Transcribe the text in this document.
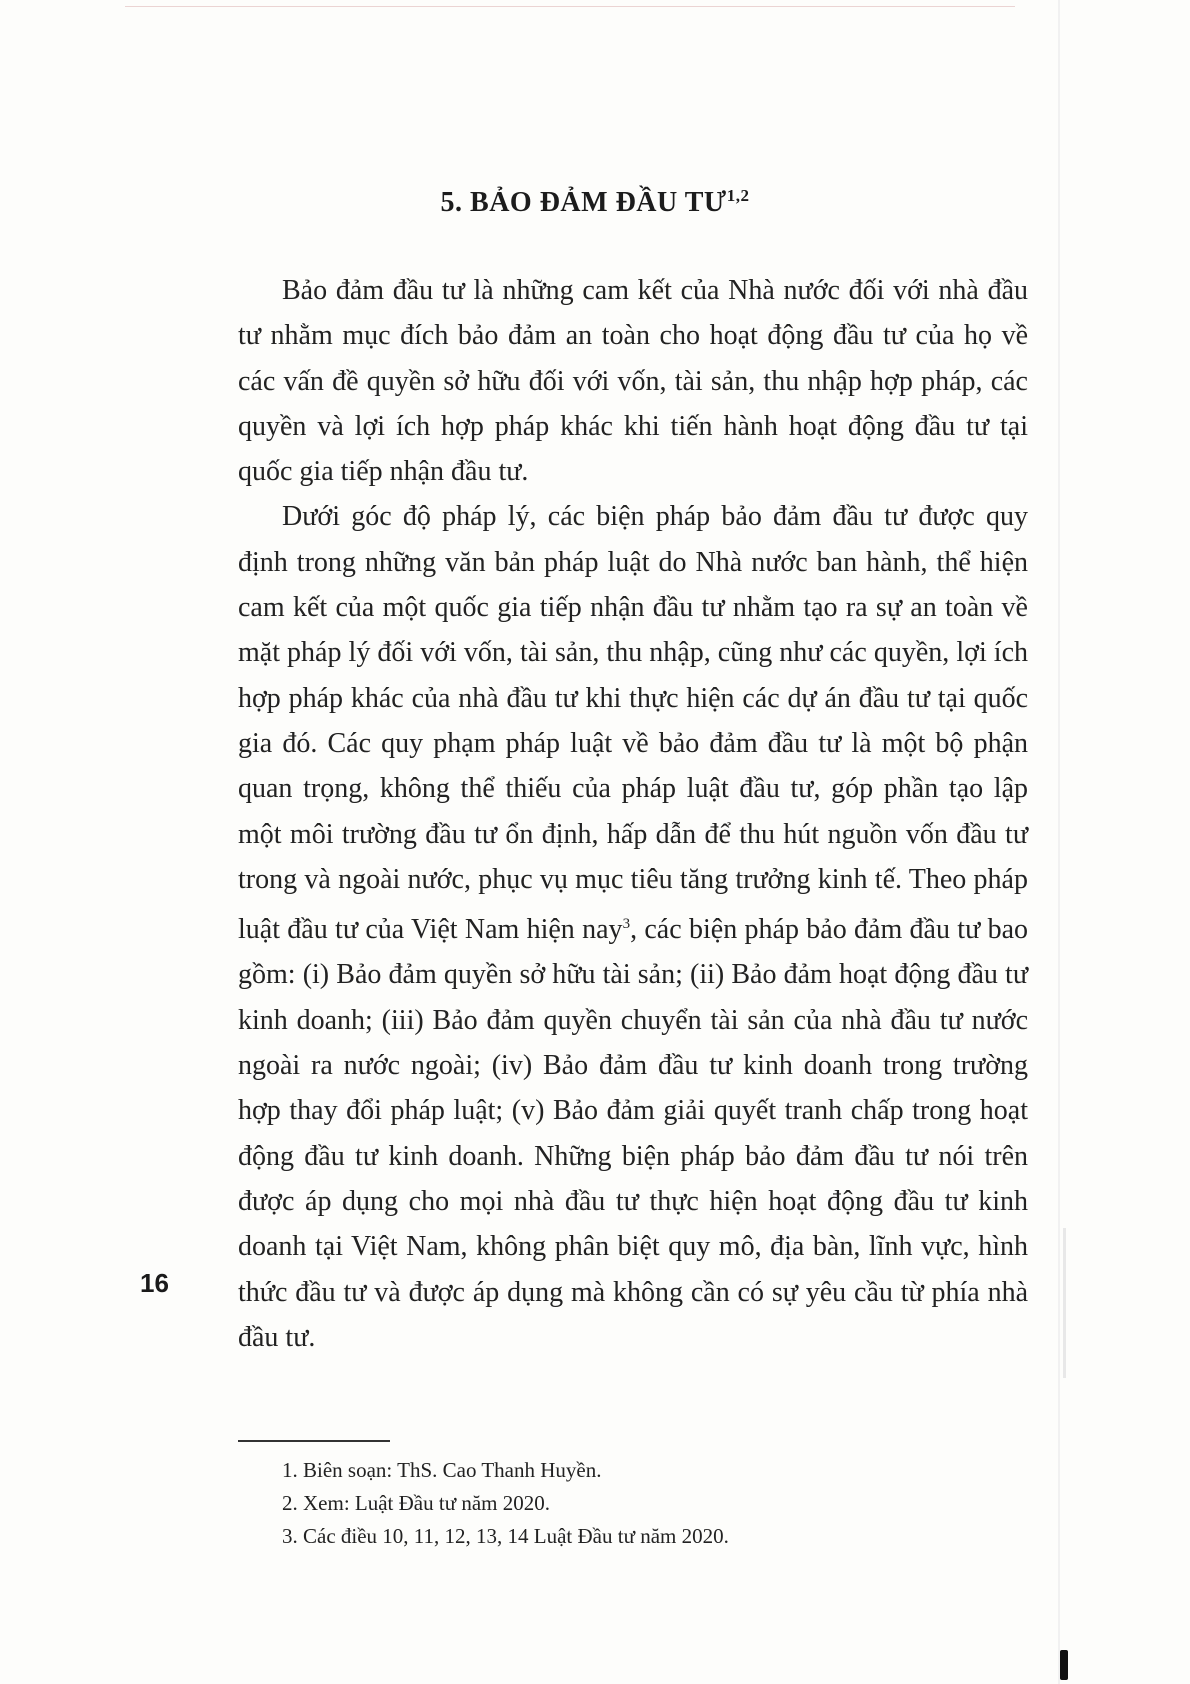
5. BẢO ĐẢM ĐẦU TƯ$^{1,2}$

Bảo đảm đầu tư là những cam kết của Nhà nước đối với nhà đầu tư nhằm mục đích bảo đảm an toàn cho hoạt động đầu tư của họ về các vấn đề quyền sở hữu đối với vốn, tài sản, thu nhập hợp pháp, các quyền và lợi ích hợp pháp khác khi tiến hành hoạt động đầu tư tại quốc gia tiếp nhận đầu tư.

Dưới góc độ pháp lý, các biện pháp bảo đảm đầu tư được quy định trong những văn bản pháp luật do Nhà nước ban hành, thể hiện cam kết của một quốc gia tiếp nhận đầu tư nhằm tạo ra sự an toàn về mặt pháp lý đối với vốn, tài sản, thu nhập, cũng như các quyền, lợi ích hợp pháp khác của nhà đầu tư khi thực hiện các dự án đầu tư tại quốc gia đó. Các quy phạm pháp luật về bảo đảm đầu tư là một bộ phận quan trọng, không thể thiếu của pháp luật đầu tư, góp phần tạo lập một môi trường đầu tư ổn định, hấp dẫn để thu hút nguồn vốn đầu tư trong và ngoài nước, phục vụ mục tiêu tăng trưởng kinh tế. Theo pháp luật đầu tư của Việt Nam hiện nay$^3$, các biện pháp bảo đảm đầu tư bao gồm: (i) Bảo đảm quyền sở hữu tài sản; (ii) Bảo đảm hoạt động đầu tư kinh doanh; (iii) Bảo đảm quyền chuyển tài sản của nhà đầu tư nước ngoài ra nước ngoài; (iv) Bảo đảm đầu tư kinh doanh trong trường hợp thay đổi pháp luật; (v) Bảo đảm giải quyết tranh chấp trong hoạt động đầu tư kinh doanh. Những biện pháp bảo đảm đầu tư nói trên được áp dụng cho mọi nhà đầu tư thực hiện hoạt động đầu tư kinh doanh tại Việt Nam, không phân biệt quy mô, địa bàn, lĩnh vực, hình thức đầu tư và được áp dụng mà không cần có sự yêu cầu từ phía nhà đầu tư.

16
1. Biên soạn: ThS. Cao Thanh Huyền.
2. Xem: Luật Đầu tư năm 2020.
3. Các điều 10, 11, 12, 13, 14 Luật Đầu tư năm 2020.
